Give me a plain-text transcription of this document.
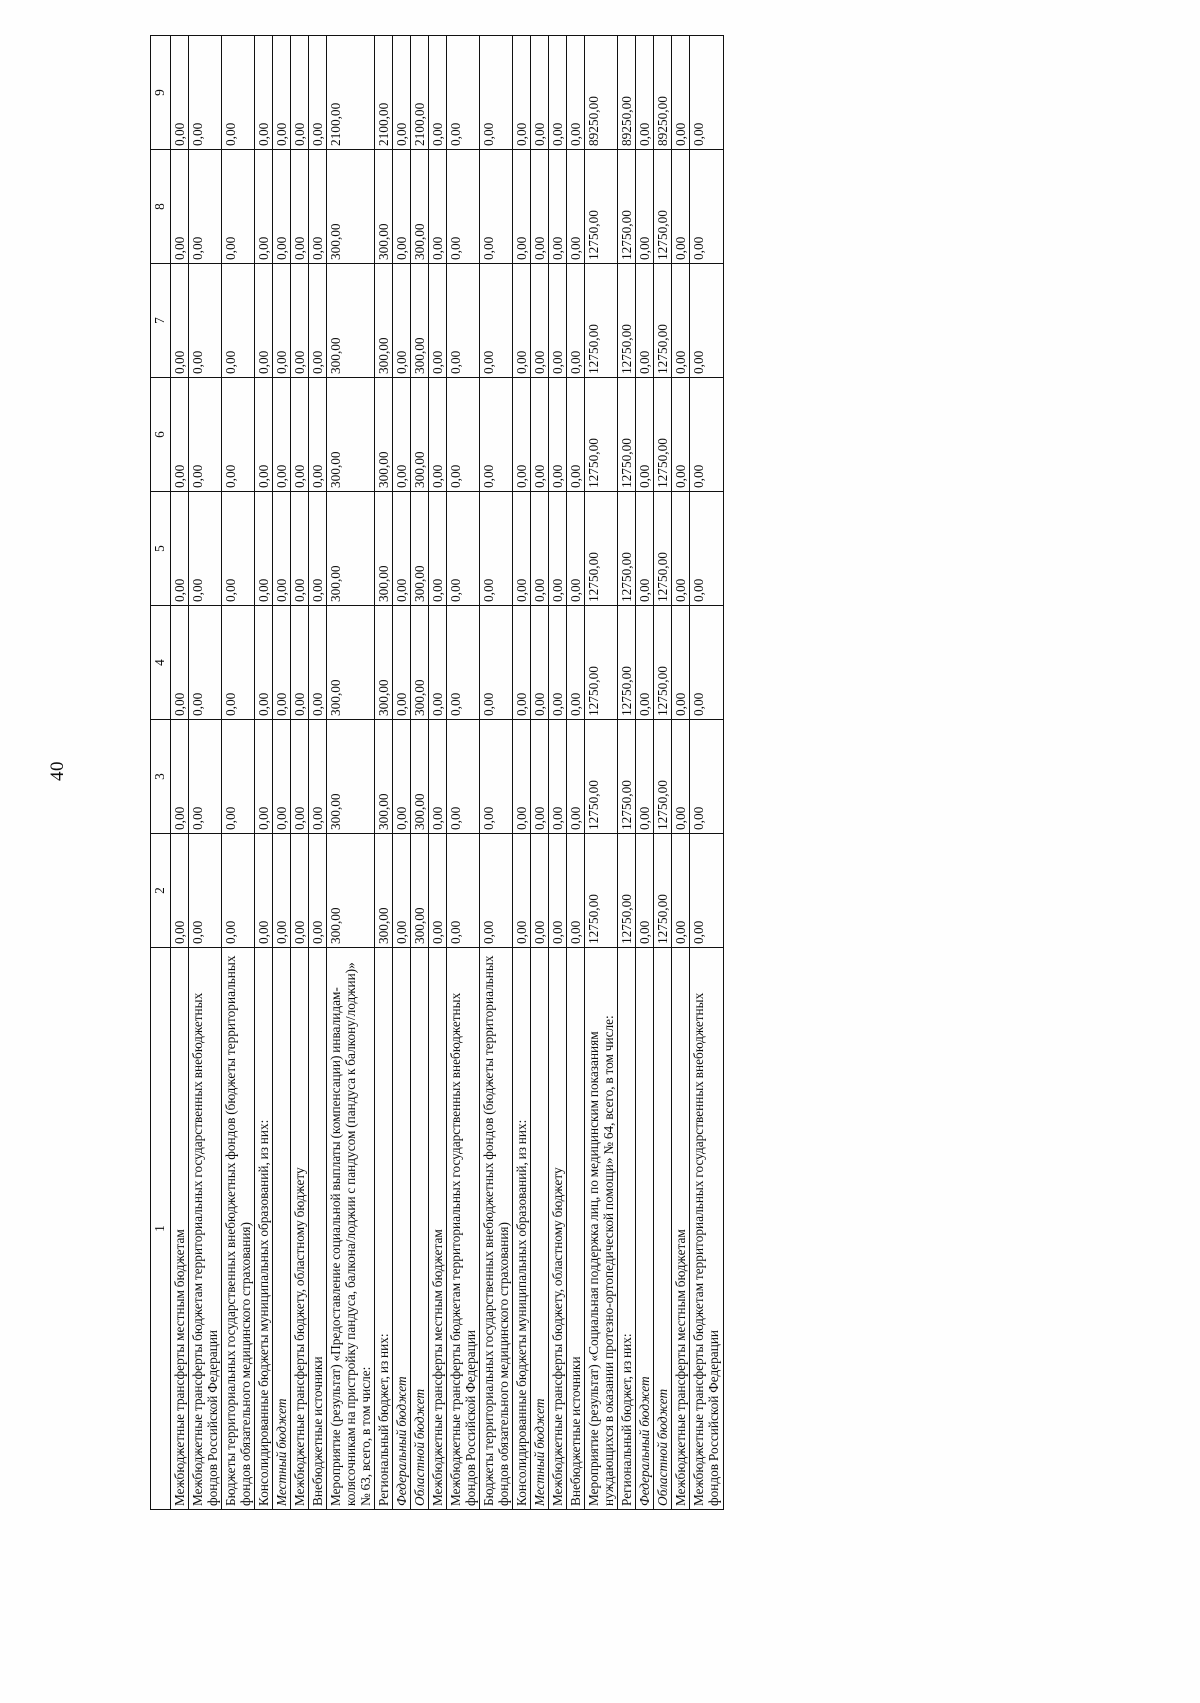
40
1	2	3	4	5	6	7	8	9
Межбюджетные трансферты местным бюджетам	0,00	0,00	0,00	0,00	0,00	0,00	0,00	0,00
Межбюджетные трансферты бюджетам территориальных государственных внебюджетных фондов Российской Федерации	0,00	0,00	0,00	0,00	0,00	0,00	0,00	0,00
Бюджеты территориальных государственных внебюджетных фондов (бюджеты территориальных фондов обязательного медицинского страхования)	0,00	0,00	0,00	0,00	0,00	0,00	0,00	0,00
Консолидированные бюджеты муниципальных образований, из них:	0,00	0,00	0,00	0,00	0,00	0,00	0,00	0,00
Местный бюджет	0,00	0,00	0,00	0,00	0,00	0,00	0,00	0,00
Межбюджетные трансферты бюджету, областному бюджету	0,00	0,00	0,00	0,00	0,00	0,00	0,00	0,00
Внебюджетные источники	0,00	0,00	0,00	0,00	0,00	0,00	0,00	0,00
Мероприятие (результат) «Предоставление социальной выплаты (компенсации) инвалидам-колясочникам на пристройку пандуса, балкона/лоджии с пандусом (пандуса к балкону/лоджии)» № 63, всего, в том числе:	300,00	300,00	300,00	300,00	300,00	300,00	300,00	2100,00
Региональный бюджет, из них:	300,00	300,00	300,00	300,00	300,00	300,00	300,00	2100,00
Федеральный бюджет	0,00	0,00	0,00	0,00	0,00	0,00	0,00	0,00
Областной бюджет	300,00	300,00	300,00	300,00	300,00	300,00	300,00	2100,00
Межбюджетные трансферты местным бюджетам	0,00	0,00	0,00	0,00	0,00	0,00	0,00	0,00
Межбюджетные трансферты бюджетам территориальных государственных внебюджетных фондов Российской Федерации	0,00	0,00	0,00	0,00	0,00	0,00	0,00	0,00
Бюджеты территориальных государственных внебюджетных фондов (бюджеты территориальных фондов обязательного медицинского страхования)	0,00	0,00	0,00	0,00	0,00	0,00	0,00	0,00
Консолидированные бюджеты муниципальных образований, из них:	0,00	0,00	0,00	0,00	0,00	0,00	0,00	0,00
Местный бюджет	0,00	0,00	0,00	0,00	0,00	0,00	0,00	0,00
Межбюджетные трансферты бюджету, областному бюджету	0,00	0,00	0,00	0,00	0,00	0,00	0,00	0,00
Внебюджетные источники	0,00	0,00	0,00	0,00	0,00	0,00	0,00	0,00
Мероприятие (результат) «Социальная поддержка лиц, по медицинским показаниям нуждающихся в оказании протезно-ортопедической помощи» № 64, всего, в том числе:	12750,00	12750,00	12750,00	12750,00	12750,00	12750,00	12750,00	89250,00
Региональный бюджет, из них:	12750,00	12750,00	12750,00	12750,00	12750,00	12750,00	12750,00	89250,00
Федеральный бюджет	0,00	0,00	0,00	0,00	0,00	0,00	0,00	0,00
Областной бюджет	12750,00	12750,00	12750,00	12750,00	12750,00	12750,00	12750,00	89250,00
Межбюджетные трансферты местным бюджетам	0,00	0,00	0,00	0,00	0,00	0,00	0,00	0,00
Межбюджетные трансферты бюджетам территориальных государственных внебюджетных фондов Российской Федерации	0,00	0,00	0,00	0,00	0,00	0,00	0,00	0,00
